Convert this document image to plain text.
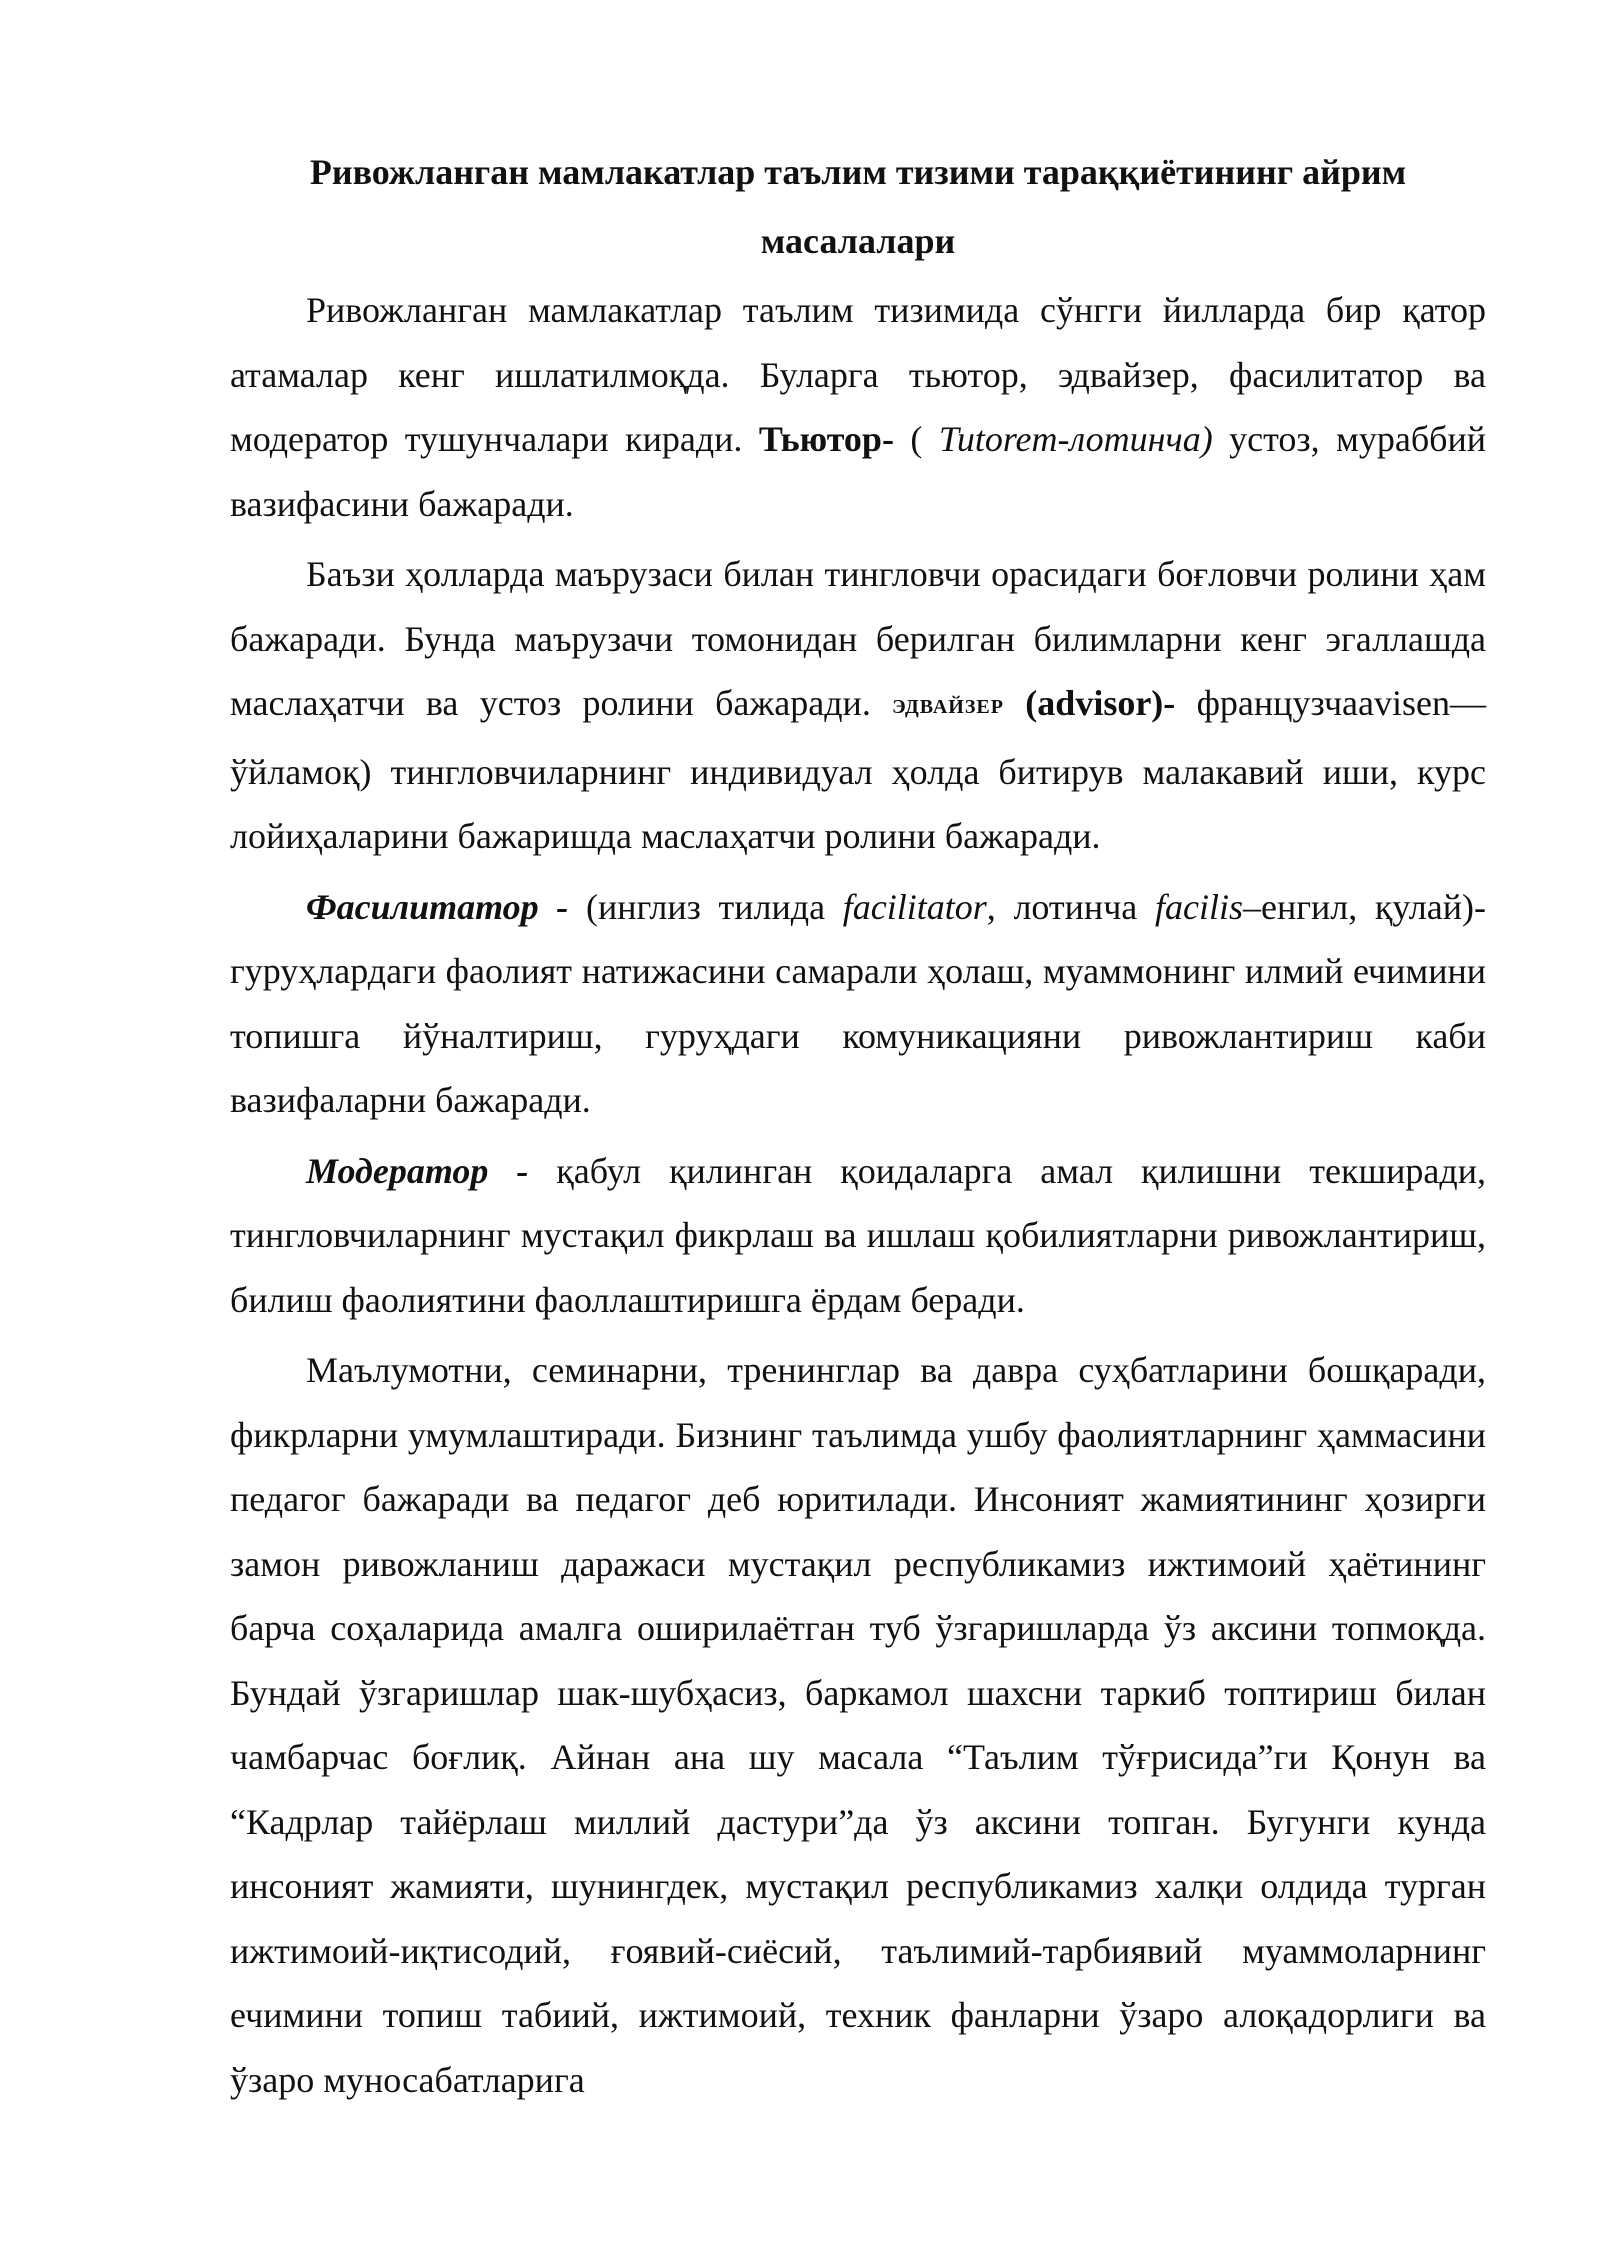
Ривожланган мамлакатлар таълим тизими тараққиётининг айрим масалалари

Ривожланган мамлакатлар таълим тизимида сўнгги йилларда бир қатор атамалар кенг ишлатилмоқда. Буларга тьютор, эдвайзер, фасилитатор ва модератор тушунчалари киради. Тьютор- ( Tutorem-лотинча) устоз, мураббий вазифасини бажаради.

Баъзи ҳолларда маърузаси билан тингловчи орасидаги боғловчи ролини ҳам бажаради. Бунда маърузачи томонидан берилган билимларни кенг эгаллашда маслаҳатчи ва устоз ролини бажаради. ЭДВАЙЗЕР (advisor)- французчааvisen—ўйламоқ) тингловчиларнинг индивидуал ҳолда битирув малакавий иши, курс лойиҳаларини бажаришда маслаҳатчи ролини бажаради.

Фасилитатор - (инглиз тилида facilitator, лотинча facilis–енгил, қулай)- гуруҳлардаги фаолият натижасини самарали ҳолаш, муаммонинг илмий ечимини топишга йўналтириш, гуруҳдаги комуникацияни ривожлантириш каби вазифаларни бажаради.

Модератор - қабул қилинган қоидаларга амал қилишни текширади, тингловчиларнинг мустақил фикрлаш ва ишлаш қобилиятларни ривожлантириш, билиш фаолиятини фаоллаштиришга ёрдам беради.

Маълумотни, семинарни, тренинглар ва давра суҳбатларини бошқаради, фикрларни умумлаштиради. Бизнинг таълимда ушбу фаолиятларнинг ҳаммасини педагог бажаради ва педагог деб юритилади. Инсоният жамиятининг ҳозирги замон ривожланиш даражаси мустақил республикамиз ижтимоий ҳаётининг барча соҳаларида амалга оширилаётган туб ўзгаришларда ўз аксини топмоқда. Бундай ўзгаришлар шак-шубҳасиз, баркамол шахсни таркиб топтириш билан чамбарчас боғлиқ. Айнан ана шу масала “Таълим тўғрисида”ги Қонун ва “Кадрлар тайёрлаш миллий дастури”да ўз аксини топган. Бугунги кунда инсоният жамияти, шунингдек, мустақил республикамиз халқи олдида турган ижтимоий-иқтисодий, ғоявий-сиёсий, таълимий-тарбиявий муаммоларнинг ечимини топиш табиий, ижтимоий, техник фанларни ўзаро алоқадорлиги ва ўзаро муносабатларига
